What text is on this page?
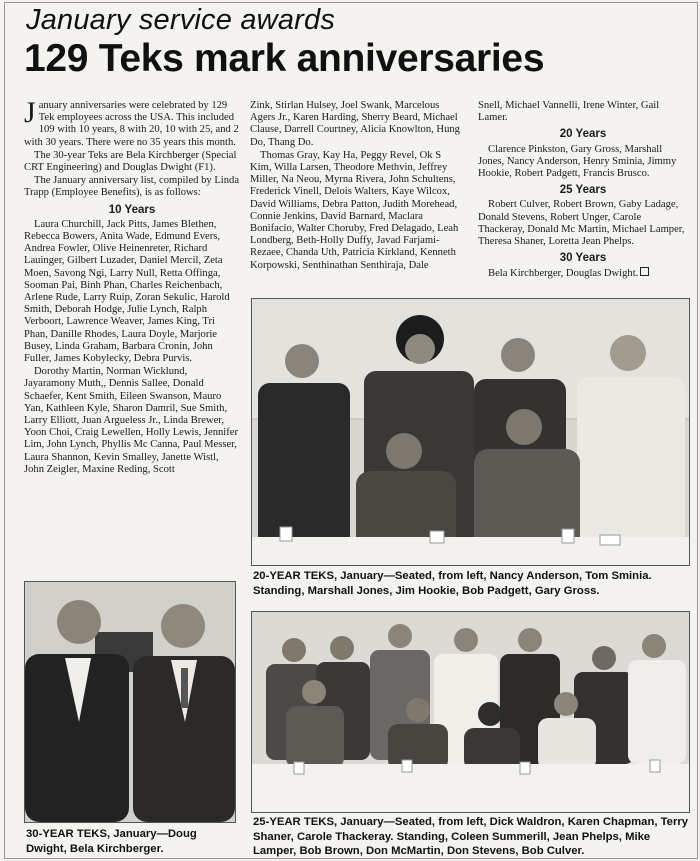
January service awards
129 Teks mark anniversaries

January anniversaries were celebrated by 129 Tek employees across the USA. This included 109 with 10 years, 8 with 20, 10 with 25, and 2 with 30 years. There were no 35 years this month.

The 30-year Teks are Bela Kirchberger (Special CRT Engineering) and Douglas Dwight (F1).

The January anniversary list, compiled by Linda Trapp (Employee Benefits), is as follows:

10 Years

Laura Churchill, Jack Pitts, James Blethen, Rebecca Bowers, Anita Wade, Edmund Evers, Andrea Fowler, Olive Heinenreter, Richard Lauinger, Gilbert Luzader, Daniel Mercil, Zeta Moen, Savong Ngi, Larry Null, Retta Offinga, Sooman Pai, Binh Phan, Charles Reichenbach, Arlene Rude, Larry Ruip, Zoran Sekulic, Harold Smith, Deborah Hodge, Julie Lynch, Ralph Verboort, Lawrence Weaver, James King, Tri Phan, Danille Rhodes, Laura Doyle, Marjorie Busey, Linda Graham, Barbara Cronin, John Fuller, James Kobylecky, Debra Purvis.

Dorothy Martin, Norman Wicklund, Jayaramony Muth,, Dennis Sallee, Donald Schaefer, Kent Smith, Eileen Swanson, Mauro Yan, Kathleen Kyle, Sharon Damril, Sue Smith, Larry Elliott, Juan Argueless Jr., Linda Brewer, Yoon Choi, Craig Lewellen, Holly Lewis, Jennifer Lim, John Lynch, Phyllis Mc Canna, Paul Messer, Laura Shannon, Kevin Smalley, Janette Wistl, John Zeigler, Maxine Reding, Scott

Zink, Stirlan Hulsey, Joel Swank, Marcelous Agers Jr., Karen Harding, Sherry Beard, Michael Clause, Darrell Courtney, Alicia Knowlton, Hung Do, Thang Do.

Thomas Gray, Kay Ha, Peggy Revel, Ok S Kim, Willa Larsen, Theodore Methvin, Jeffrey Miller, Na Neou, Myrna Rivera, John Schultens, Frederick Vinell, Delois Walters, Kaye Wilcox, David Williams, Debra Patton, Judith Morehead, Connie Jenkins, David Barnard, Maclara Bonifacio, Walter Choruby, Fred Delagado, Leah Londberg, Beth-Holly Duffy, Javad Farjami-Rezaee, Chanda Uth, Patricia Kirkland, Kenneth Korpowski, Senthinathan Senthiraja, Dale

Snell, Michael Vannelli, Irene Winter, Gail Lamer.

20 Years

Clarence Pinkston, Gary Gross, Marshall Jones, Nancy Anderson, Henry Sminia, Jimmy Hookie, Robert Padgett, Francis Brusco.

25 Years

Robert Culver, Robert Brown, Gaby Ladage, Donald Stevens, Robert Unger, Carole Thackeray, Donald Mc Martin, Michael Lamper, Theresa Shaner, Loretta Jean Phelps.

30 Years

Bela Kirchberger, Douglas Dwight.

20-YEAR TEKS, January—Seated, from left, Nancy Anderson, Tom Sminia. Standing, Marshall Jones, Jim Hookie, Bob Padgett, Gary Gross.
30-YEAR TEKS, January—Doug Dwight, Bela Kirchberger.
25-YEAR TEKS, January—Seated, from left, Dick Waldron, Karen Chapman, Terry Shaner, Carole Thackeray. Standing, Coleen Summerill, Jean Phelps, Mike Lamper, Bob Brown, Don McMartin, Don Stevens, Bob Culver.
